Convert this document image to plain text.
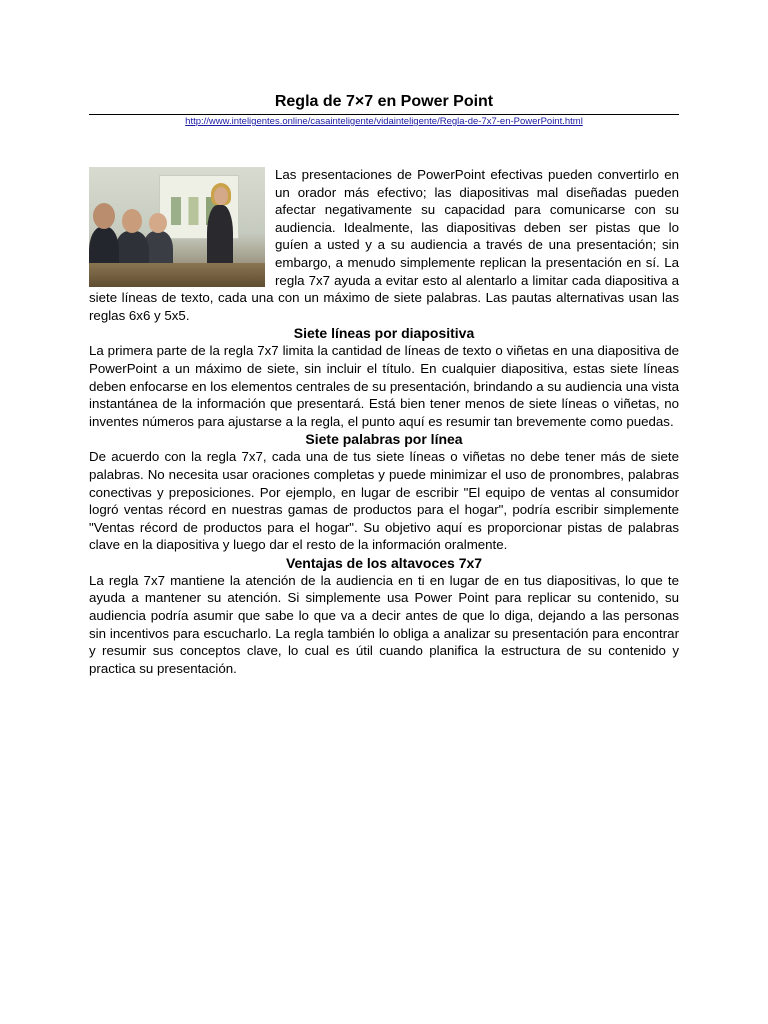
Regla de 7×7 en Power Point
http://www.inteligentes.online/casainteligente/vidainteligente/Regla-de-7x7-en-PowerPoint.html

Las presentaciones de PowerPoint efectivas pueden convertirlo en un orador más efectivo; las diapositivas mal diseñadas pueden afectar negativamente su capacidad para comunicarse con su audiencia. Idealmente, las diapositivas deben ser pistas que lo guíen a usted y a su audiencia a través de una presentación; sin embargo, a menudo simplemente replican la presentación en sí. La regla 7x7 ayuda a evitar esto al alentarlo a limitar cada diapositiva a siete líneas de texto, cada una con un máximo de siete palabras. Las pautas alternativas usan las reglas 6x6 y 5x5.

Siete líneas por diapositiva

La primera parte de la regla 7x7 limita la cantidad de líneas de texto o viñetas en una diapositiva de PowerPoint a un máximo de siete, sin incluir el título. En cualquier diapositiva, estas siete líneas deben enfocarse en los elementos centrales de su presentación, brindando a su audiencia una vista instantánea de la información que presentará. Está bien tener menos de siete líneas o viñetas, no inventes números para ajustarse a la regla, el punto aquí es resumir tan brevemente como puedas.

Siete palabras por línea

De acuerdo con la regla 7x7, cada una de tus siete líneas o viñetas no debe tener más de siete palabras. No necesita usar oraciones completas y puede minimizar el uso de pronombres, palabras conectivas y preposiciones. Por ejemplo, en lugar de escribir "El equipo de ventas al consumidor logró ventas récord en nuestras gamas de productos para el hogar", podría escribir simplemente "Ventas récord de productos para el hogar". Su objetivo aquí es proporcionar pistas de palabras clave en la diapositiva y luego dar el resto de la información oralmente.

Ventajas de los altavoces 7x7

La regla 7x7 mantiene la atención de la audiencia en ti en lugar de en tus diapositivas, lo que te ayuda a mantener su atención. Si simplemente usa Power Point para replicar su contenido, su audiencia podría asumir que sabe lo que va a decir antes de que lo diga, dejando a las personas sin incentivos para escucharlo. La regla también lo obliga a analizar su presentación para encontrar y resumir sus conceptos clave, lo cual es útil cuando planifica la estructura de su contenido y practica su presentación.
